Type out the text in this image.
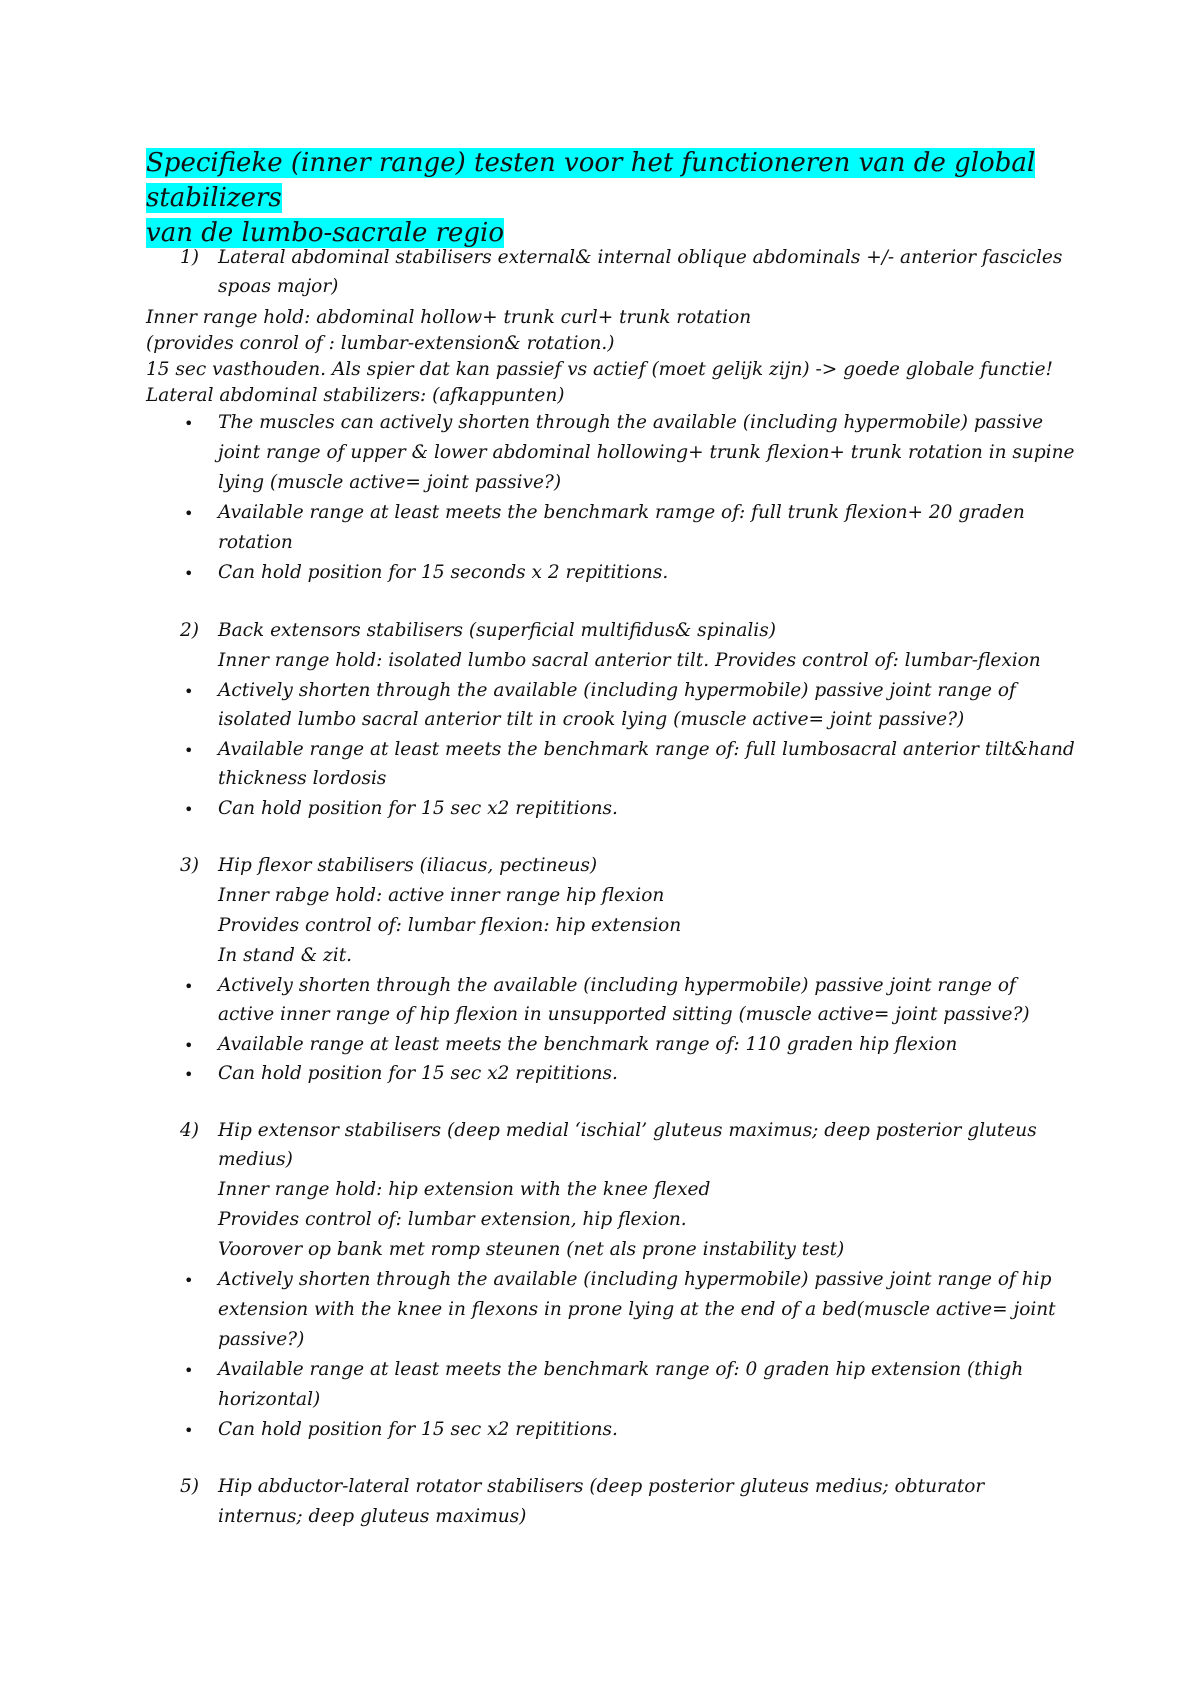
Specifieke (inner range) testen voor het functioneren van de global stabilizers
van de lumbo-sacrale regio
1) Lateral abdominal stabilisers external& internal oblique abdominals +/- anterior fascicles
spoas major)
Inner range hold: abdominal hollow+ trunk curl+ trunk rotation
(provides conrol of : lumbar-extension& rotation.)
15 sec vasthouden. Als spier dat kan passief vs actief (moet gelijk zijn) -> goede globale functie!
Lateral abdominal stabilizers: (afkappunten)
• The muscles can actively shorten through the available (including hypermobile) passive
joint range of upper & lower abdominal hollowing+ trunk flexion+ trunk rotation in supine
lying (muscle active= joint passive?)
• Available range at least meets the benchmark ramge of: full trunk flexion+ 20 graden
rotation
• Can hold position for 15 seconds x 2 repititions.
2) Back extensors stabilisers (superficial multifidus& spinalis)
Inner range hold: isolated lumbo sacral anterior tilt. Provides control of: lumbar-flexion
• Actively shorten through the available (including hypermobile) passive joint range of
isolated lumbo sacral anterior tilt in crook lying (muscle active= joint passive?)
• Available range at least meets the benchmark range of: full lumbosacral anterior tilt&hand
thickness lordosis
• Can hold position for 15 sec x2 repititions.
3) Hip flexor stabilisers (iliacus, pectineus)
Inner rabge hold: active inner range hip flexion
Provides control of: lumbar flexion: hip extension
In stand & zit.
• Actively shorten through the available (including hypermobile) passive joint range of
active inner range of hip flexion in unsupported sitting (muscle active= joint passive?)
• Available range at least meets the benchmark range of: 110 graden hip flexion
• Can hold position for 15 sec x2 repititions.
4) Hip extensor stabilisers (deep medial ‘ischial’ gluteus maximus; deep posterior gluteus
medius)
Inner range hold: hip extension with the knee flexed
Provides control of: lumbar extension, hip flexion.
Voorover op bank met romp steunen (net als prone instability test)
• Actively shorten through the available (including hypermobile) passive joint range of hip
extension with the knee in flexons in prone lying at the end of a bed(muscle active= joint
passive?)
• Available range at least meets the benchmark range of: 0 graden hip extension (thigh
horizontal)
• Can hold position for 15 sec x2 repititions.
5) Hip abductor-lateral rotator stabilisers (deep posterior gluteus medius; obturator
internus; deep gluteus maximus)
